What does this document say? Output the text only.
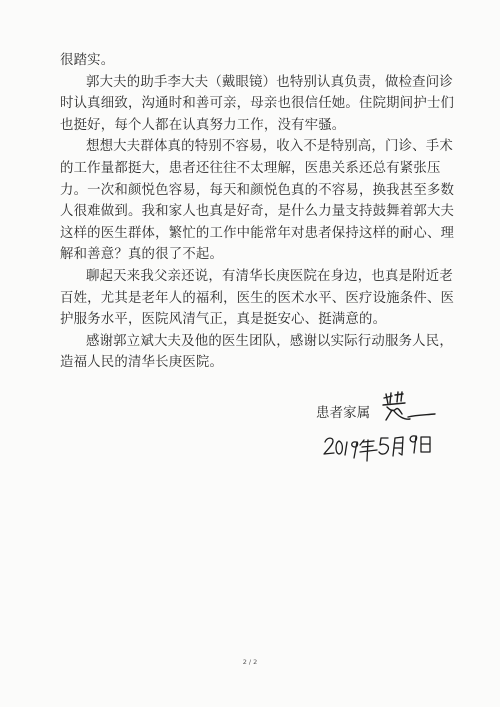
很踏实。

郭大夫的助手李大夫（戴眼镜）也特别认真负责，做检查问诊时认真细致，沟通时和善可亲，母亲也很信任她。住院期间护士们也挺好，每个人都在认真努力工作，没有牢骚。

想想大夫群体真的特别不容易，收入不是特别高，门诊、手术的工作量都挺大，患者还往往不太理解，医患关系还总有紧张压力。一次和颜悦色容易，每天和颜悦色真的不容易，换我甚至多数人很难做到。我和家人也真是好奇，是什么力量支持鼓舞着郭大夫这样的医生群体，繁忙的工作中能常年对患者保持这样的耐心、理解和善意？真的很了不起。

聊起天来我父亲还说，有清华长庚医院在身边，也真是附近老百姓，尤其是老年人的福利，医生的医术水平、医疗设施条件、医护服务水平，医院风清气正，真是挺安心、挺满意的。

感谢郭立斌大夫及他的医生团队，感谢以实际行动服务人民，造福人民的清华长庚医院。

患者家属
2 / 2
